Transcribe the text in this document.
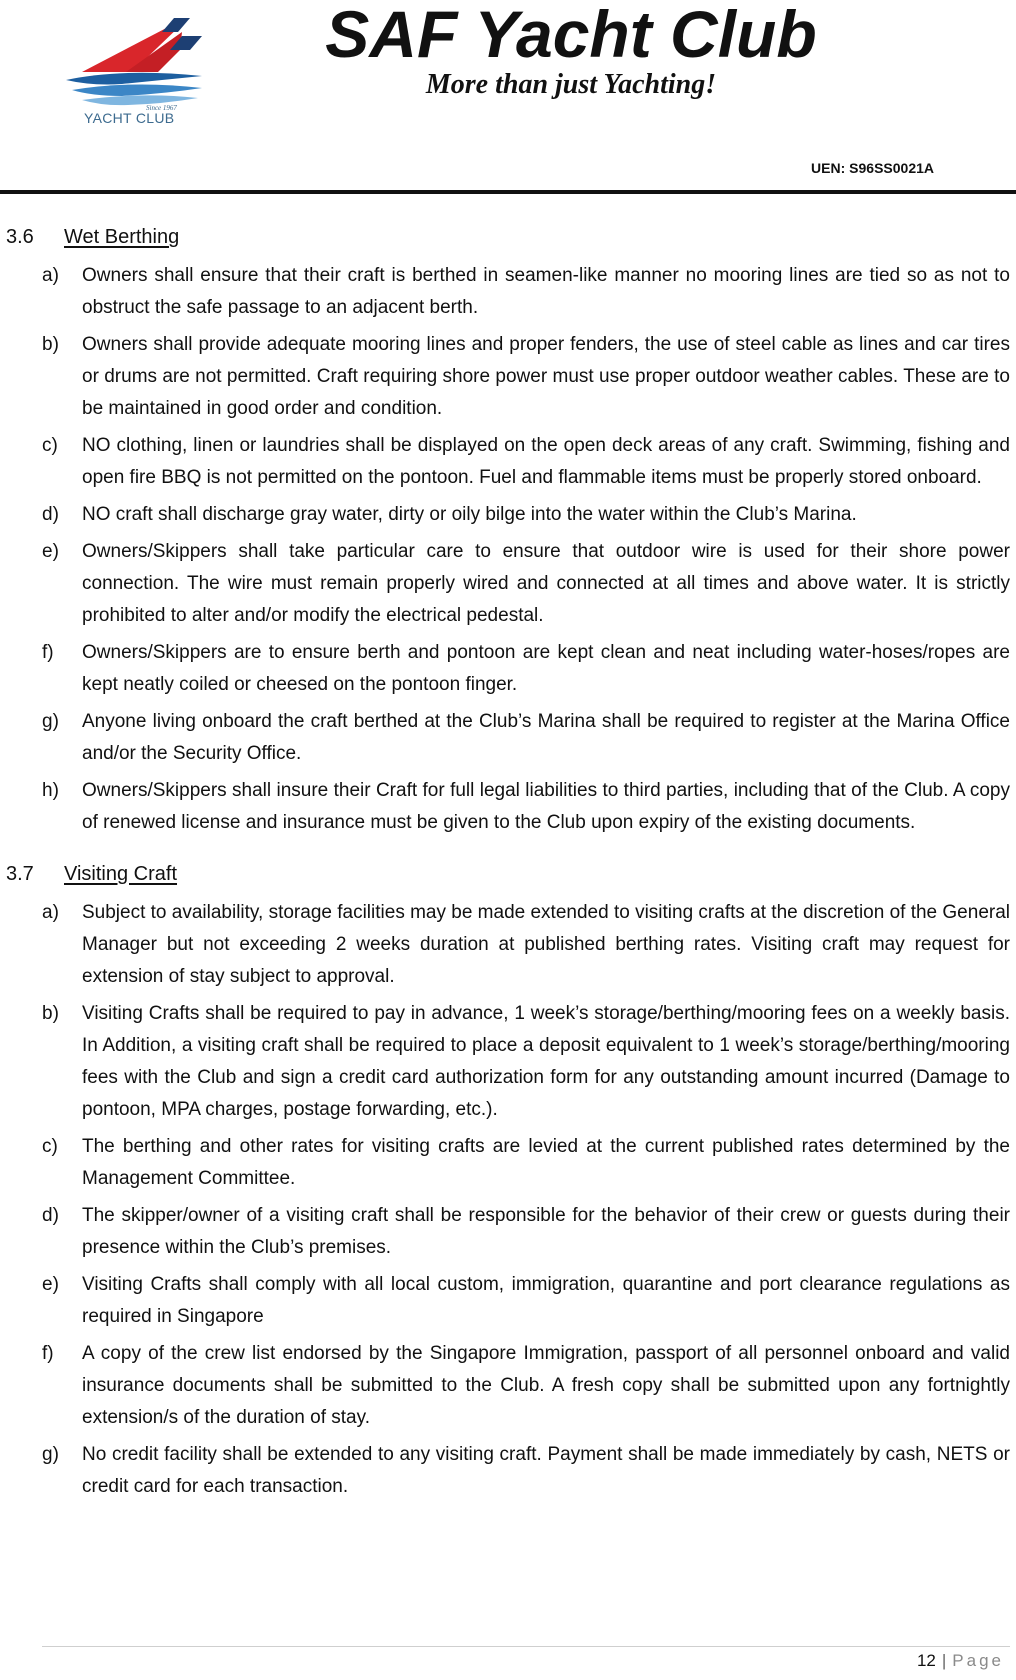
Since 1967
YACHT CLUB
SAF Yacht Club
More than just Yachting!
UEN: S96SS0021A
3.6	Wet Berthing
a)	Owners shall ensure that their craft is berthed in seamen-like manner no mooring lines are tied so as not to obstruct the safe passage to an adjacent berth.
b)	Owners shall provide adequate mooring lines and proper fenders, the use of steel cable as lines and car tires or drums are not permitted. Craft requiring shore power must use proper outdoor weather cables. These are to be maintained in good order and condition.
c)	NO clothing, linen or laundries shall be displayed on the open deck areas of any craft. Swimming, fishing and open fire BBQ is not permitted on the pontoon. Fuel and flammable items must be properly stored onboard.
d)	NO craft shall discharge gray water, dirty or oily bilge into the water within the Club’s Marina.
e)	Owners/Skippers shall take particular care to ensure that outdoor wire is used for their shore power connection. The wire must remain properly wired and connected at all times and above water. It is strictly prohibited to alter and/or modify the electrical pedestal.
f)	Owners/Skippers are to ensure berth and pontoon are kept clean and neat including water-hoses/ropes are kept neatly coiled or cheesed on the pontoon finger.
g)	Anyone living onboard the craft berthed at the Club’s Marina shall be required to register at the Marina Office and/or the Security Office.
h)	Owners/Skippers shall insure their Craft for full legal liabilities to third parties, including that of the Club. A copy of renewed license and insurance must be given to the Club upon expiry of the existing documents.
3.7	Visiting Craft
a)	Subject to availability, storage facilities may be made extended to visiting crafts at the discretion of the General Manager but not exceeding 2 weeks duration at published berthing rates. Visiting craft may request for extension of stay subject to approval.
b)	Visiting Crafts shall be required to pay in advance, 1 week’s storage/berthing/mooring fees on a weekly basis. In Addition, a visiting craft shall be required to place a deposit equivalent to 1 week’s storage/berthing/mooring fees with the Club and sign a credit card authorization form for any outstanding amount incurred (Damage to pontoon, MPA charges, postage forwarding, etc.).
c)	The berthing and other rates for visiting crafts are levied at the current published rates determined by the Management Committee.
d)	The skipper/owner of a visiting craft shall be responsible for the behavior of their crew or guests during their presence within the Club’s premises.
e)	Visiting Crafts shall comply with all local custom, immigration, quarantine and port clearance regulations as required in Singapore
f)	A copy of the crew list endorsed by the Singapore Immigration, passport of all personnel onboard and valid insurance documents shall be submitted to the Club. A fresh copy shall be submitted upon any fortnightly extension/s of the duration of stay.
g)	No credit facility shall be extended to any visiting craft. Payment shall be made immediately by cash, NETS or credit card for each transaction.
12 | Page
